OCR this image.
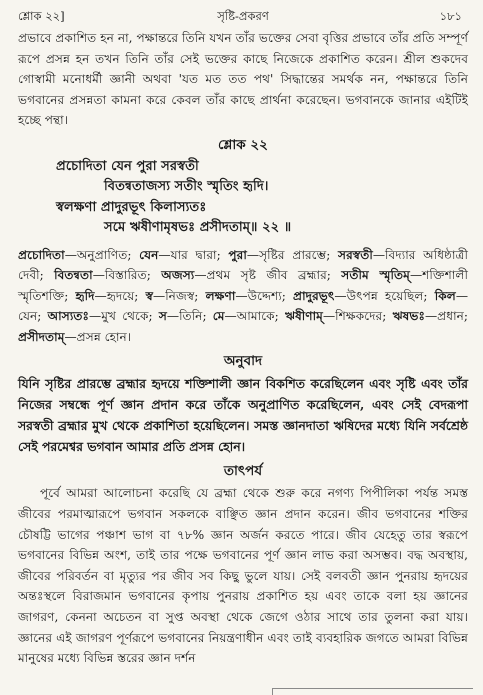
শ্লোক ২২]	সৃষ্টি-প্রকরণ	১৮১

প্রভাবে প্রকাশিত হন না, পক্ষান্তরে তিনি যখন তাঁর ভক্তের সেবা বৃত্তির প্রভাবে তাঁর প্রতি সম্পূর্ণ রূপে প্রসন্ন হন তখন তিনি তাঁর সেই ভক্তের কাছে নিজেকে প্রকাশিত করেন। শ্রীল শুকদেব গোস্বামী মনোধর্মী জ্ঞানী অথবা 'যত মত তত পথ' সিদ্ধান্তের সমর্থক নন, পক্ষান্তরে তিনি ভগবানের প্রসন্নতা কামনা করে কেবল তাঁর কাছে প্রার্থনা করেছেন। ভগবানকে জানার এইটিই হচ্ছে পন্থা।

শ্লোক ২২
প্রচোদিতা যেন পুরা সরস্বতী
বিতন্বতাজস্য সতীং স্মৃতিং হৃদি।
স্বলক্ষণা প্রাদুরভূৎ কিলাস্যতঃ
সমে ঋষীণামৃষভঃ প্রসীদতাম্॥ ২২ ॥

প্রচোদিতা—অনুপ্রাণিত; যেন—যার দ্বারা; পুরা—সৃষ্টির প্রারম্ভে; সরস্বতী—বিদ্যার অধিষ্ঠাত্রী দেবী; বিতন্বতা—বিস্তারিত; অজস্য—প্রথম সৃষ্ট জীব ব্রহ্মার; সতীম স্মৃতিম্—শক্তিশালী স্মৃতিশক্তি; হৃদি—হৃদয়ে; স্ব—নিজস্ব; লক্ষণা—উদ্দেশ্য; প্রাদুরভূৎ—উৎপন্ন হয়েছিল; কিল—যেন; আস্যতঃ—মুখ থেকে; স—তিনি; মে—আমাকে; ঋষীণাম্—শিক্ষকদের; ঋষভঃ—প্রধান; প্রসীদতাম্—প্রসন্ন হোন।

অনুবাদ

যিনি সৃষ্টির প্রারম্ভে ব্রহ্মার হৃদয়ে শক্তিশালী জ্ঞান বিকশিত করেছিলেন এবং সৃষ্টি এবং তাঁর নিজের সম্বন্ধে পূর্ণ জ্ঞান প্রদান করে তাঁকে অনুপ্রাণিত করেছিলেন, এবং সেই বেদরূপা সরস্বতী ব্রহ্মার মুখ থেকে প্রকাশিতা হয়েছিলেন। সমস্ত জ্ঞানদাতা ঋষিদের মধ্যে যিনি সর্বশ্রেষ্ঠ সেই পরমেশ্বর ভগবান আমার প্রতি প্রসন্ন হোন।

তাৎপর্য

পূর্বে আমরা আলোচনা করেছি যে ব্রহ্মা থেকে শুরু করে নগণ্য পিপীলিকা পর্যন্ত সমস্ত জীবের পরমাত্মারূপে ভগবান সকলকে বাঞ্ছিত জ্ঞান প্রদান করেন। জীব ভগবানের শক্তির চৌষট্টি ভাগের পঞ্চাশ ভাগ বা ৭৮% জ্ঞান অর্জন করতে পারে। জীব যেহেতু তার স্বরূপে ভগবানের বিভিন্ন অংশ, তাই তার পক্ষে ভগবানের পূর্ণ জ্ঞান লাভ করা অসম্ভব। বদ্ধ অবস্থায়, জীবের পরিবর্তন বা মৃত্যুর পর জীব সব কিছু ভুলে যায়। সেই বলবতী জ্ঞান পুনরায় হৃদয়ের অন্তঃস্থলে বিরাজমান ভগবানের কৃপায় পুনরায় প্রকাশিত হয় এবং তাকে বলা হয় জ্ঞানের জাগরণ, কেননা অচেতন বা সুপ্ত অবস্থা থেকে জেগে ওঠার সাথে তার তুলনা করা যায়। জ্ঞানের এই জাগরণ পূর্ণরূপে ভগবানের নিয়ন্ত্রণাধীন এবং তাই ব্যবহারিক জগতে আমরা বিভিন্ন মানুষের মধ্যে বিভিন্ন স্তরের জ্ঞান দর্শন
